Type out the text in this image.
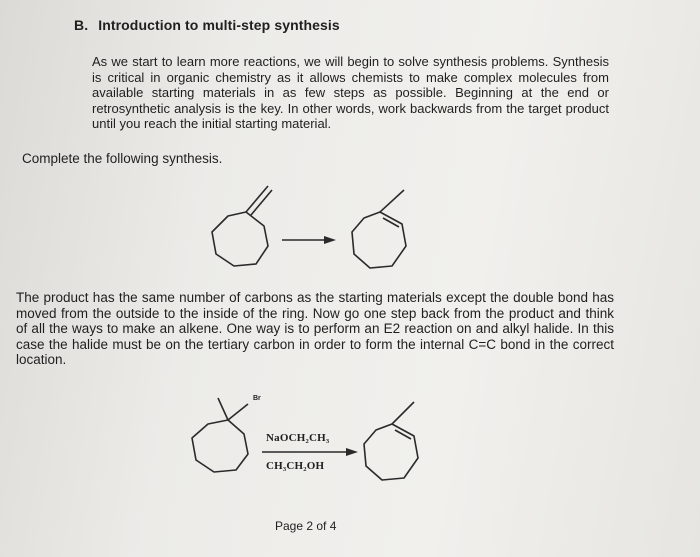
B. Introduction to multi-step synthesis
As we start to learn more reactions, we will begin to solve synthesis problems. Synthesis is critical in organic chemistry as it allows chemists to make complex molecules from available starting materials in as few steps as possible. Beginning at the end or retrosynthetic analysis is the key. In other words, work backwards from the target product until you reach the initial starting material.
Complete the following synthesis.
The product has the same number of carbons as the starting materials except the double bond has moved from the outside to the inside of the ring. Now go one step back from the product and think of all the ways to make an alkene. One way is to perform an E2 reaction on and alkyl halide. In this case the halide must be on the tertiary carbon in order to form the internal C=C bond in the correct location.
Br
NaOCH₂CH₃
CH₃CH₂OH
Page 2 of 4
